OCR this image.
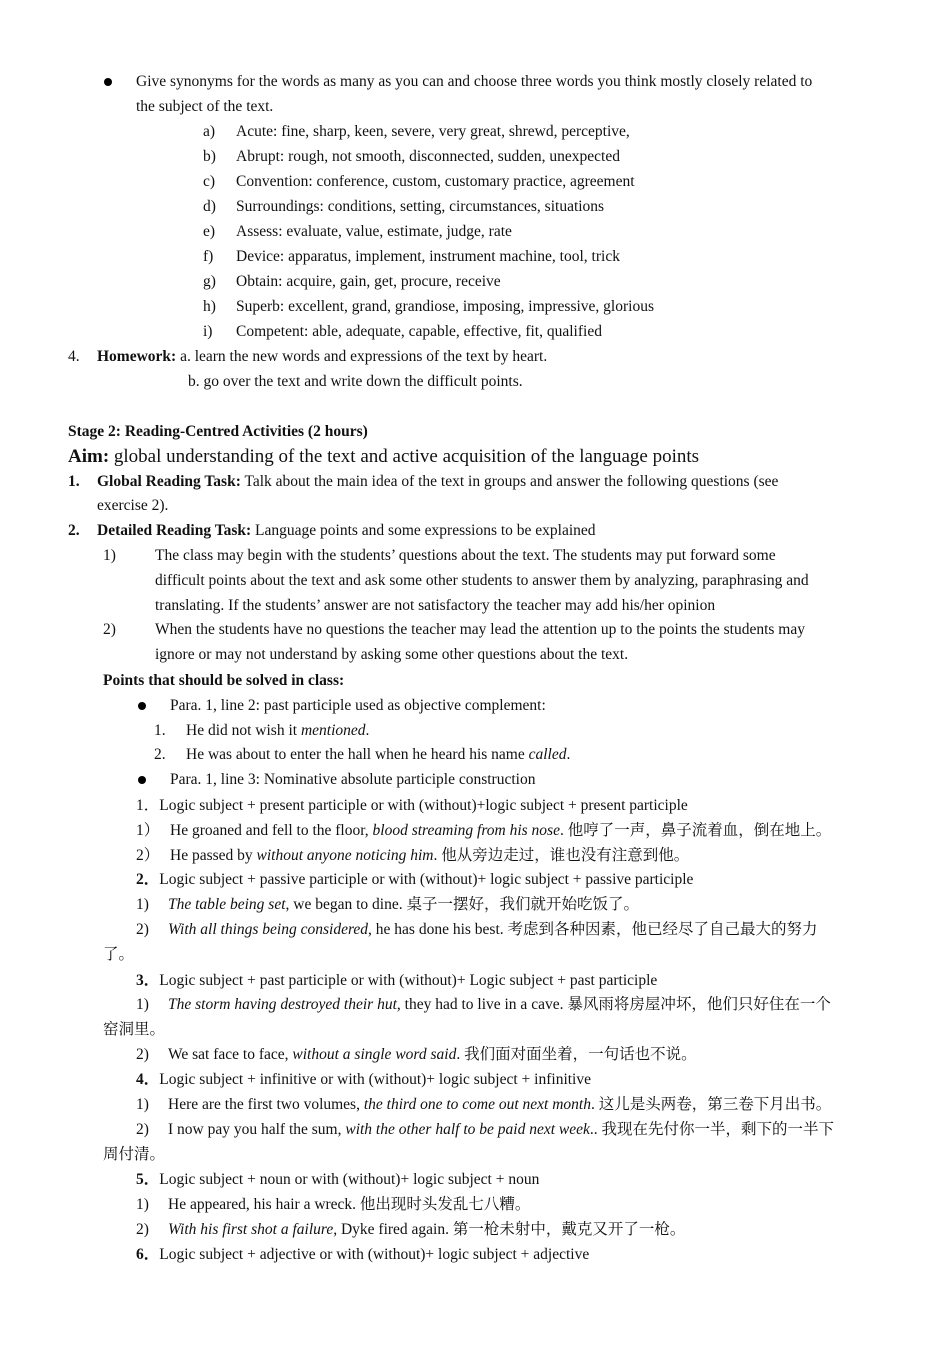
Give synonyms for the words as many as you can and choose three words you think mostly closely related to
the subject of the text.
a) Acute: fine, sharp, keen, severe, very great, shrewd, perceptive,
b) Abrupt: rough, not smooth, disconnected, sudden, unexpected
c) Convention: conference, custom, customary practice, agreement
d) Surroundings: conditions, setting, circumstances, situations
e) Assess: evaluate, value, estimate, judge, rate
f) Device: apparatus, implement, instrument machine, tool, trick
g) Obtain: acquire, gain, get, procure, receive
h) Superb: excellent, grand, grandiose, imposing, impressive, glorious
i) Competent: able, adequate, capable, effective, fit, qualified
4. Homework: a. learn the new words and expressions of the text by heart.
b. go over the text and write down the difficult points.
Stage 2: Reading-Centred Activities (2 hours)
Aim: global understanding of the text and active acquisition of the language points
1. Global Reading Task: Talk about the main idea of the text in groups and answer the following questions (see
exercise 2).
2. Detailed Reading Task: Language points and some expressions to be explained
1)	The class may begin with the students’ questions about the text. The students may put forward some
difficult points about the text and ask some other students to answer them by analyzing, paraphrasing and
translating. If the students’ answer are not satisfactory the teacher may add his/her opinion
2)	When the students have no questions the teacher may lead the attention up to the points the students may
ignore or may not understand by asking some other questions about the text.
Points that should be solved in class:
Para. 1, line 2: past participle used as objective complement:
1. He did not wish it mentioned.
2. He was about to enter the hall when he heard his name called.
Para. 1, line 3: Nominative absolute participle construction
1．Logic subject + present participle or with (without)+logic subject + present participle
1） He groaned and fell to the floor, blood streaming from his nose. 他哼了一声，鼻子流着血，倒在地上。
2） He passed by without anyone noticing him. 他从旁边走过，谁也没有注意到他。
2．Logic subject + passive participle or with (without)+ logic subject + passive participle
1) The table being set, we began to dine. 桌子一摆好，我们就开始吃饭了。
2) With all things being considered, he has done his best. 考虑到各种因素，他已经尽了自己最大的努力
了。
3．Logic subject + past participle or with (without)+ Logic subject + past participle
1) The storm having destroyed their hut, they had to live in a cave. 暴风雨将房屋冲坏，他们只好住在一个
窑洞里。
2) We sat face to face, without a single word said. 我们面对面坐着，一句话也不说。
4．Logic subject + infinitive or with (without)+ logic subject + infinitive
1) Here are the first two volumes, the third one to come out next month. 这儿是头两卷，第三卷下月出书。
2) I now pay you half the sum, with the other half to be paid next week.. 我现在先付你一半，剩下的一半下
周付清。
5．Logic subject + noun or with (without)+ logic subject + noun
1) He appeared, his hair a wreck. 他出现时头发乱七八糟。
2) With his first shot a failure, Dyke fired again. 第一枪未射中，戴克又开了一枪。
6．Logic subject + adjective or with (without)+ logic subject + adjective
